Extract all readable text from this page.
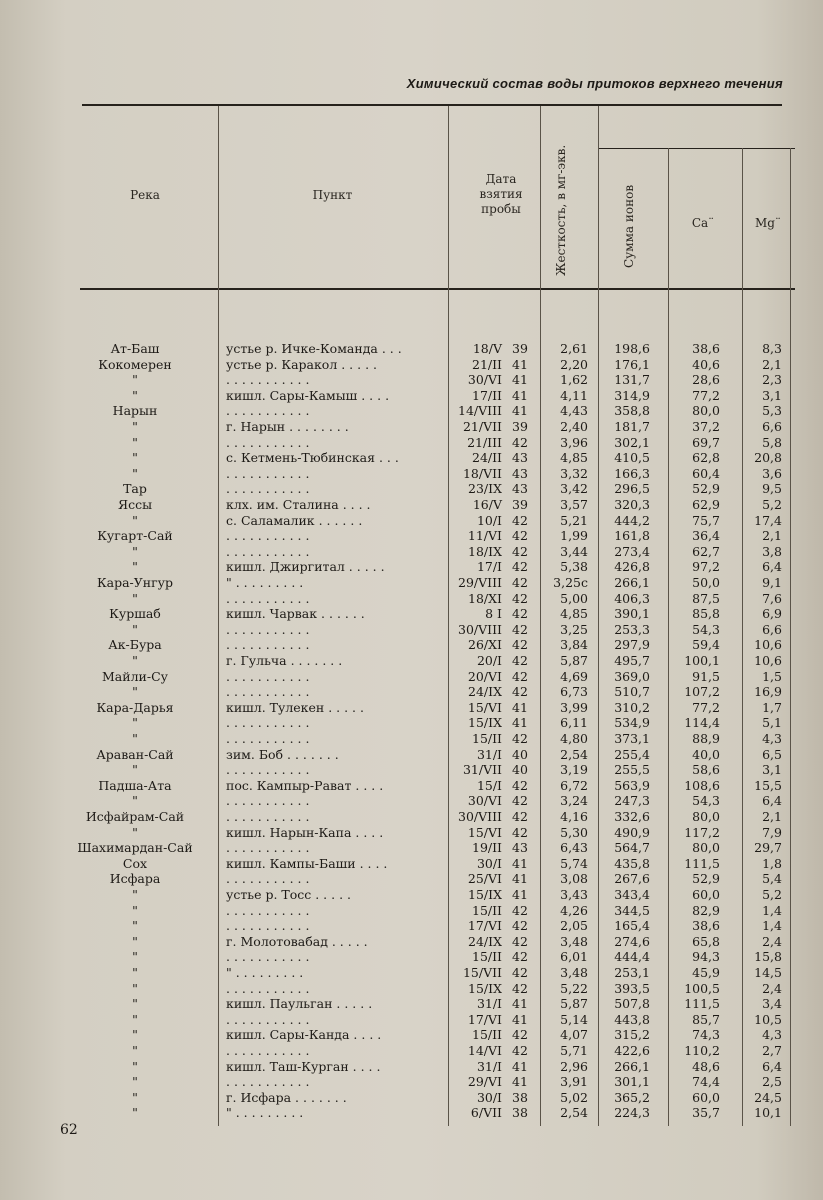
Химический состав воды притоков верхнего течения
Река	Пункт
Дата взятия пробы	Жесткость, в мг-экв.	Сумма ионов	Ca¨	Mg¨
Ат-Баш	устье р. Ичке-Команда . . .	18/V 39	2,61	198,6	38,6	8,3
Кокомерен	устье р. Каракол . . . . .	21/II 41	2,20	176,1	40,6	2,1
"	. . . . . . . . . . .	30/VI 41	1,62	131,7	28,6	2,3
"	кишл. Сары-Камыш . . . .	17/II 41	4,11	314,9	77,2	3,1
Нарын	. . . . . . . . . . .	14/VIII 41	4,43	358,8	80,0	5,3
"	г. Нарын . . . . . . . .	21/VII 39	2,40	181,7	37,2	6,6
"	. . . . . . . . . . .	21/III 42	3,96	302,1	69,7	5,8
"	с. Кетмень-Тюбинская . . .	24/II 43	4,85	410,5	62,8	20,8
"	. . . . . . . . . . .	18/VII 43	3,32	166,3	60,4	3,6
Тар	. . . . . . . . . . .	23/IX 43	3,42	296,5	52,9	9,5
Яссы	клх. им. Сталина . . . .	16/V 39	3,57	320,3	62,9	5,2
"	с. Саламалик . . . . . .	10/I 42	5,21	444,2	75,7	17,4
Кугарт-Сай	. . . . . . . . . . .	11/VI 42	1,99	161,8	36,4	2,1
"	. . . . . . . . . . .	18/IX 42	3,44	273,4	62,7	3,8
"	кишл. Джиргитал . . . . .	17/I 42	5,38	426,8	97,2	6,4
Кара-Унгур	" . . . . . . . . .	29/VIII 42	3,25с	266,1	50,0	9,1
"	. . . . . . . . . . .	18/XI 42	5,00	406,3	87,5	7,6
Куршаб	кишл. Чарвак . . . . . .	8 I 42	4,85	390,1	85,8	6,9
"	. . . . . . . . . . .	30/VIII 42	3,25	253,3	54,3	6,6
Ак-Бура	. . . . . . . . . . .	26/XI 42	3,84	297,9	59,4	10,6
"	г. Гульча . . . . . . .	20/I 42	5,87	495,7	100,1	10,6
Майли-Су	. . . . . . . . . . .	20/VI 42	4,69	369,0	91,5	1,5
"	. . . . . . . . . . .	24/IX 42	6,73	510,7	107,2	16,9
Кара-Дарья	кишл. Тулекен . . . . .	15/VI 41	3,99	310,2	77,2	1,7
"	. . . . . . . . . . .	15/IX 41	6,11	534,9	114,4	5,1
"	. . . . . . . . . . .	15/II 42	4,80	373,1	88,9	4,3
Араван-Сай	зим. Боб . . . . . . .	31/I 40	2,54	255,4	40,0	6,5
"	. . . . . . . . . . .	31/VII 40	3,19	255,5	58,6	3,1
Падша-Ата	пос. Кампыр-Рават . . . .	15/I 42	6,72	563,9	108,6	15,5
"	. . . . . . . . . . .	30/VI 42	3,24	247,3	54,3	6,4
Исфайрам-Сай	. . . . . . . . . . .	30/VIII 42	4,16	332,6	80,0	2,1
"	кишл. Нарын-Капа . . . .	15/VI 42	5,30	490,9	117,2	7,9
Шахимардан-Сай	. . . . . . . . . . .	19/II 43	6,43	564,7	80,0	29,7
Сох	кишл. Кампы-Баши . . . .	30/I 41	5,74	435,8	111,5	1,8
Исфара	. . . . . . . . . . .	25/VI 41	3,08	267,6	52,9	5,4
"	устье р. Тосс . . . . .	15/IX 41	3,43	343,4	60,0	5,2
"	. . . . . . . . . . .	15/II 42	4,26	344,5	82,9	1,4
"	. . . . . . . . . . .	17/VI 42	2,05	165,4	38,6	1,4
"	г. Молотовабад . . . . .	24/IX 42	3,48	274,6	65,8	2,4
"	. . . . . . . . . . .	15/II 42	6,01	444,4	94,3	15,8
"	" . . . . . . . . .	15/VII 42	3,48	253,1	45,9	14,5
"	. . . . . . . . . . .	15/IX 42	5,22	393,5	100,5	2,4
"	кишл. Паульган . . . . .	31/I 41	5,87	507,8	111,5	3,4
"	. . . . . . . . . . .	17/VI 41	5,14	443,8	85,7	10,5
"	кишл. Сары-Канда . . . .	15/II 42	4,07	315,2	74,3	4,3
"	. . . . . . . . . . .	14/VI 42	5,71	422,6	110,2	2,7
"	кишл. Таш-Курган . . . .	31/I 41	2,96	266,1	48,6	6,4
"	. . . . . . . . . . .	29/VI 41	3,91	301,1	74,4	2,5
"	г. Исфара . . . . . . .	30/I 38	5,02	365,2	60,0	24,5
"	" . . . . . . . . .	6/VII 38	2,54	224,3	35,7	10,1
62
